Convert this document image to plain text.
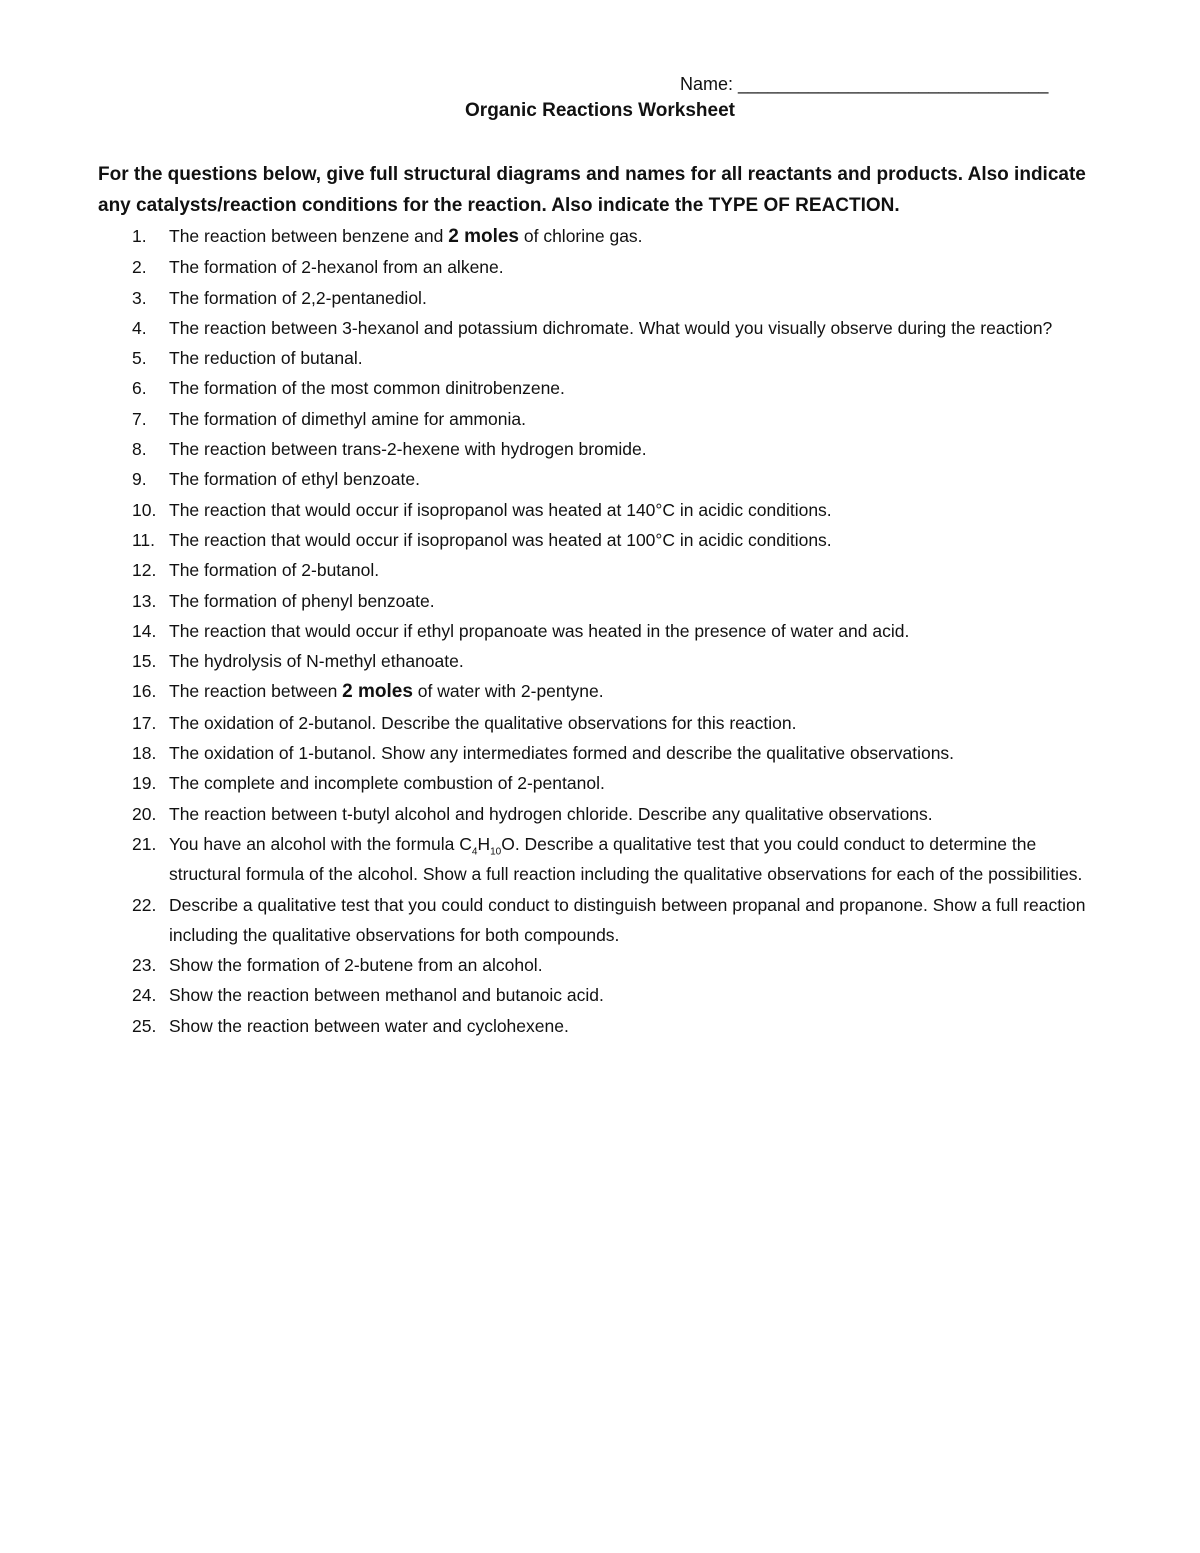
Name: _______________________________
Organic Reactions Worksheet
For the questions below, give full structural diagrams and names for all reactants and products. Also indicate any catalysts/reaction conditions for the reaction. Also indicate the TYPE OF REACTION.
1.	The reaction between benzene and 2 moles of chlorine gas.
2.	The formation of 2-hexanol from an alkene.
3.	The formation of 2,2-pentanediol.
4.	The reaction between 3-hexanol and potassium dichromate. What would you visually observe during the reaction?
5.	The reduction of butanal.
6.	The formation of the most common dinitrobenzene.
7.	The formation of dimethyl amine for ammonia.
8.	The reaction between trans-2-hexene with hydrogen bromide.
9.	The formation of ethyl benzoate.
10. The reaction that would occur if isopropanol was heated at 140°C in acidic conditions.
11. The reaction that would occur if isopropanol was heated at 100°C in acidic conditions.
12. The formation of 2-butanol.
13. The formation of phenyl benzoate.
14. The reaction that would occur if ethyl propanoate was heated in the presence of water and acid.
15. The hydrolysis of N-methyl ethanoate.
16. The reaction between 2 moles of water with 2-pentyne.
17. The oxidation of 2-butanol. Describe the qualitative observations for this reaction.
18. The oxidation of 1-butanol. Show any intermediates formed and describe the qualitative observations.
19. The complete and incomplete combustion of 2-pentanol.
20. The reaction between t-butyl alcohol and hydrogen chloride. Describe any qualitative observations.
21. You have an alcohol with the formula $C_4H_{10}O$. Describe a qualitative test that you could conduct to determine the structural formula of the alcohol. Show a full reaction including the qualitative observations for each of the possibilities.
22. Describe a qualitative test that you could conduct to distinguish between propanal and propanone. Show a full reaction including the qualitative observations for both compounds.
23. Show the formation of 2-butene from an alcohol.
24. Show the reaction between methanol and butanoic acid.
25. Show the reaction between water and cyclohexene.
